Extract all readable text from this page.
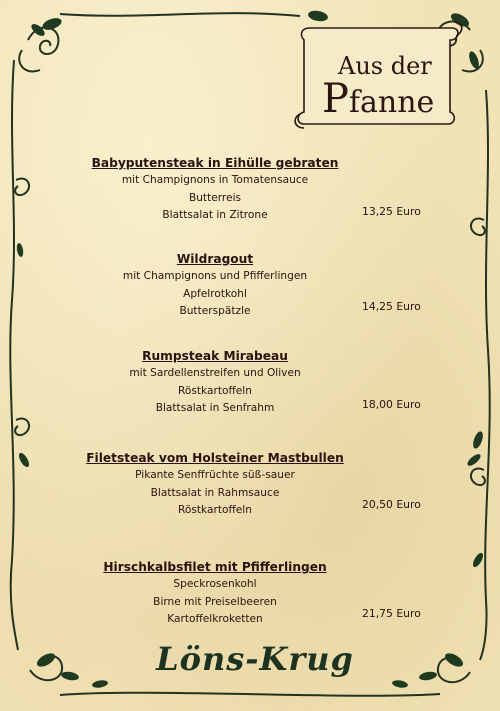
Aus der
Pfanne
Babyputensteak in Eihülle gebraten
mit Champignons in Tomatensauce
Butterreis
Blattsalat in Zitrone	13,25 Euro
Wildragout
mit Champignons und Pfifferlingen
Apfelrotkohl
Butterspätzle	14,25 Euro
Rumpsteak Mirabeau
mit Sardellenstreifen und Oliven
Röstkartoffeln
Blattsalat in Senfrahm	18,00 Euro
Filetsteak vom Holsteiner Mastbullen
Pikante Senffrüchte süß-sauer
Blattsalat in Rahmsauce
Röstkartoffeln	20,50 Euro
Hirschkalbsfilet mit Pfifferlingen
Speckrosenkohl
Birne mit Preiselbeeren
Kartoffelkroketten	21,75 Euro
Löns-Krug
